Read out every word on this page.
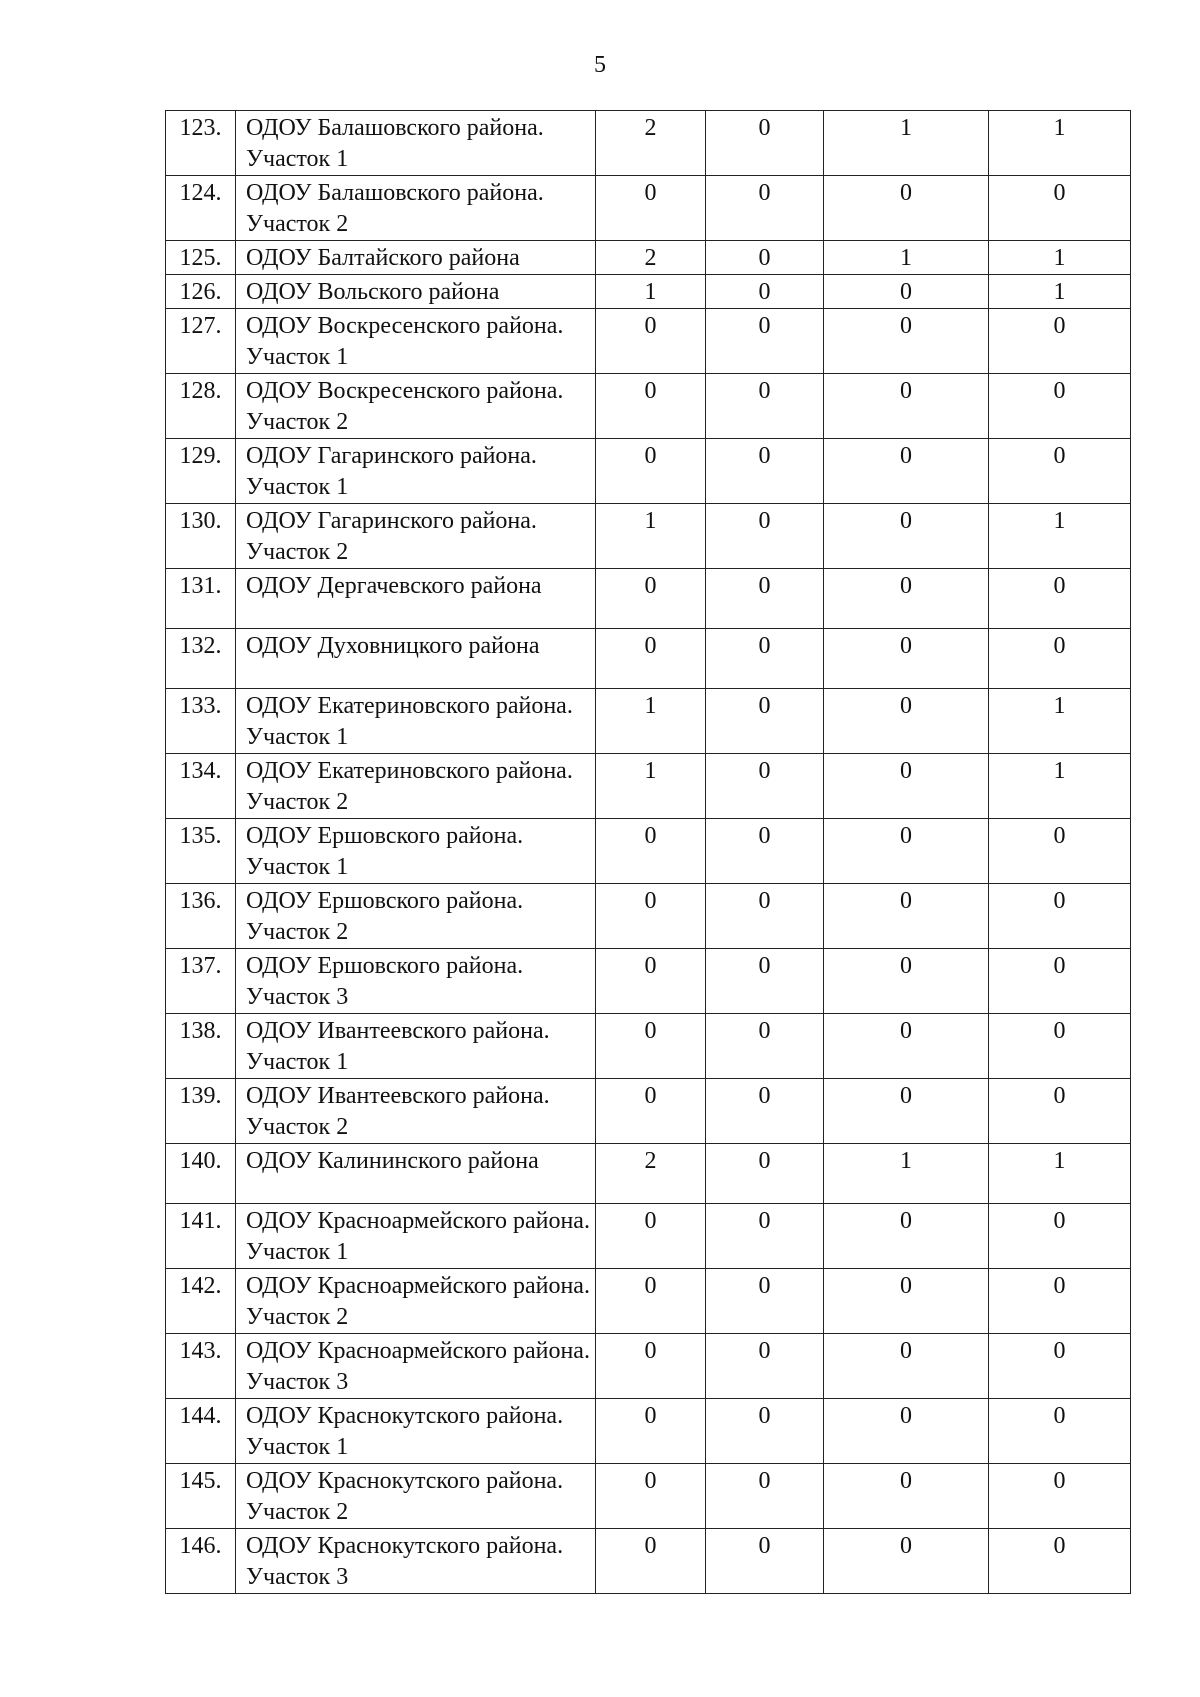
5
123.	ОДОУ Балашовского района. Участок 1	2	0	1	1
124.	ОДОУ Балашовского района. Участок 2	0	0	0	0
125.	ОДОУ Балтайского района	2	0	1	1
126.	ОДОУ Вольского района	1	0	0	1
127.	ОДОУ Воскресенского района. Участок 1	0	0	0	0
128.	ОДОУ Воскресенского района. Участок 2	0	0	0	0
129.	ОДОУ Гагаринского района. Участок 1	0	0	0	0
130.	ОДОУ Гагаринского района. Участок 2	1	0	0	1
131.	ОДОУ Дергачевского района	0	0	0	0
132.	ОДОУ Духовницкого района	0	0	0	0
133.	ОДОУ Екатериновского района. Участок 1	1	0	0	1
134.	ОДОУ Екатериновского района. Участок 2	1	0	0	1
135.	ОДОУ Ершовского района. Участок 1	0	0	0	0
136.	ОДОУ Ершовского района. Участок 2	0	0	0	0
137.	ОДОУ Ершовского района. Участок 3	0	0	0	0
138.	ОДОУ Ивантеевского района. Участок 1	0	0	0	0
139.	ОДОУ Ивантеевского района. Участок 2	0	0	0	0
140.	ОДОУ Калининского района	2	0	1	1
141.	ОДОУ Красноармейского района. Участок 1	0	0	0	0
142.	ОДОУ Красноармейского района. Участок 2	0	0	0	0
143.	ОДОУ Красноармейского района. Участок 3	0	0	0	0
144.	ОДОУ Краснокутского района. Участок 1	0	0	0	0
145.	ОДОУ Краснокутского района. Участок 2	0	0	0	0
146.	ОДОУ Краснокутского района. Участок 3	0	0	0	0
